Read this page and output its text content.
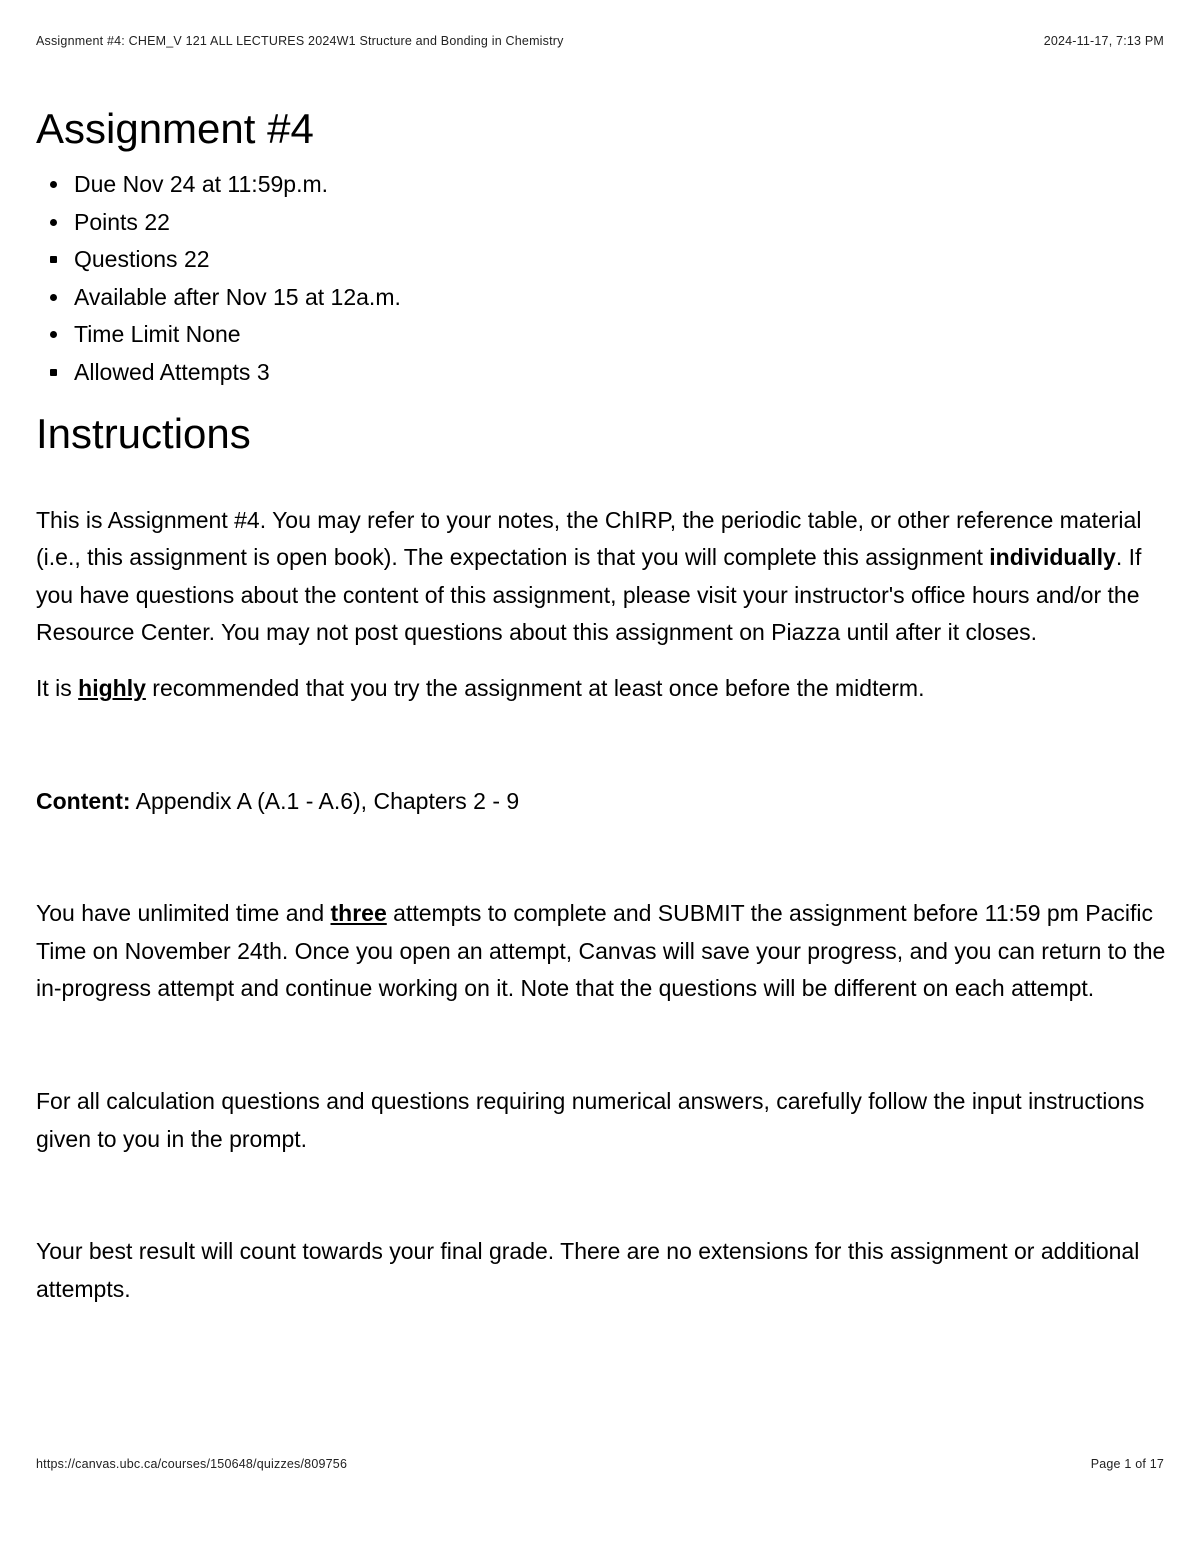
Assignment #4: CHEM_V 121 ALL LECTURES 2024W1 Structure and Bonding in Chemistry	2024-11-17, 7:13 PM
Assignment #4
Due Nov 24 at 11:59p.m.
Points 22
Questions 22
Available after Nov 15 at 12a.m.
Time Limit None
Allowed Attempts 3
Instructions

This is Assignment #4. You may refer to your notes, the ChIRP, the periodic table, or other reference material (i.e., this assignment is open book). The expectation is that you will complete this assignment individually. If you have questions about the content of this assignment, please visit your instructor's office hours and/or the Resource Center. You may not post questions about this assignment on Piazza until after it closes.

It is highly recommended that you try the assignment at least once before the midterm.

Content: Appendix A (A.1 - A.6), Chapters 2 - 9

You have unlimited time and three attempts to complete and SUBMIT the assignment before 11:59 pm Pacific Time on November 24th. Once you open an attempt, Canvas will save your progress, and you can return to the in-progress attempt and continue working on it. Note that the questions will be different on each attempt.

For all calculation questions and questions requiring numerical answers, carefully follow the input instructions given to you in the prompt.

Your best result will count towards your final grade. There are no extensions for this assignment or additional attempts.

https://canvas.ubc.ca/courses/150648/quizzes/809756	Page 1 of 17
